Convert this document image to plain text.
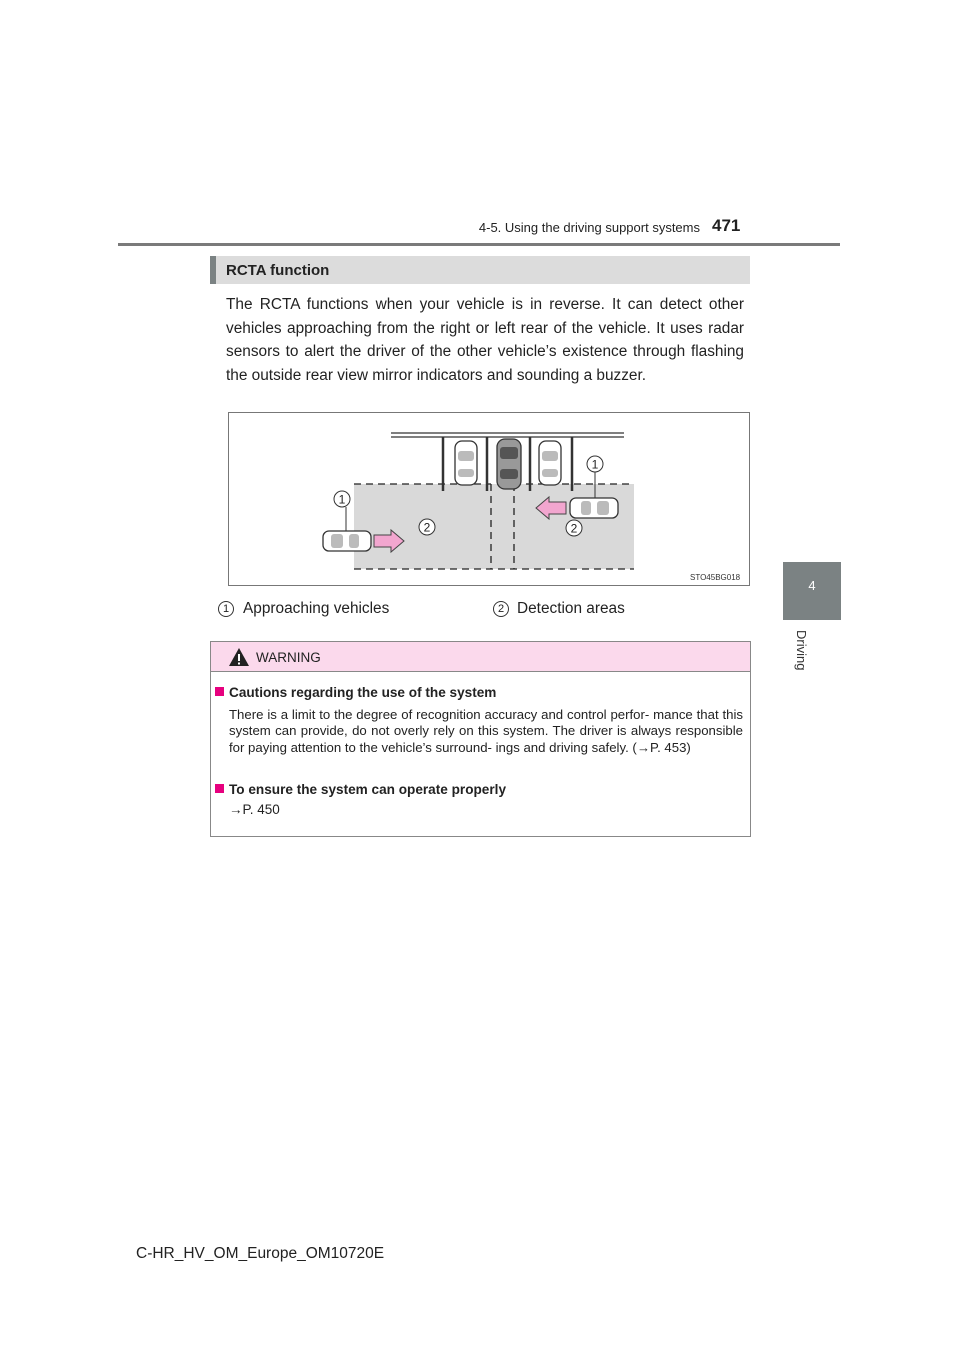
4-5. Using the driving support systems 471
4
Driving
RCTA function
The RCTA functions when your vehicle is in reverse. It can detect other vehicles approaching from the right or left rear of the vehicle. It uses radar sensors to alert the driver of the other vehicle’s existence through flashing the outside rear view mirror indicators and sounding a buzzer.
1
1
2	2
STO45BG018
1 Approaching vehicles	2 Detection areas
WARNING
Cautions regarding the use of the system
There is a limit to the degree of recognition accuracy and control perfor- mance that this system can provide, do not overly rely on this system. The driver is always responsible for paying attention to the vehicle’s surround- ings and driving safely. (→P. 453)
To ensure the system can operate properly
→P. 450
C-HR_HV_OM_Europe_OM10720E
